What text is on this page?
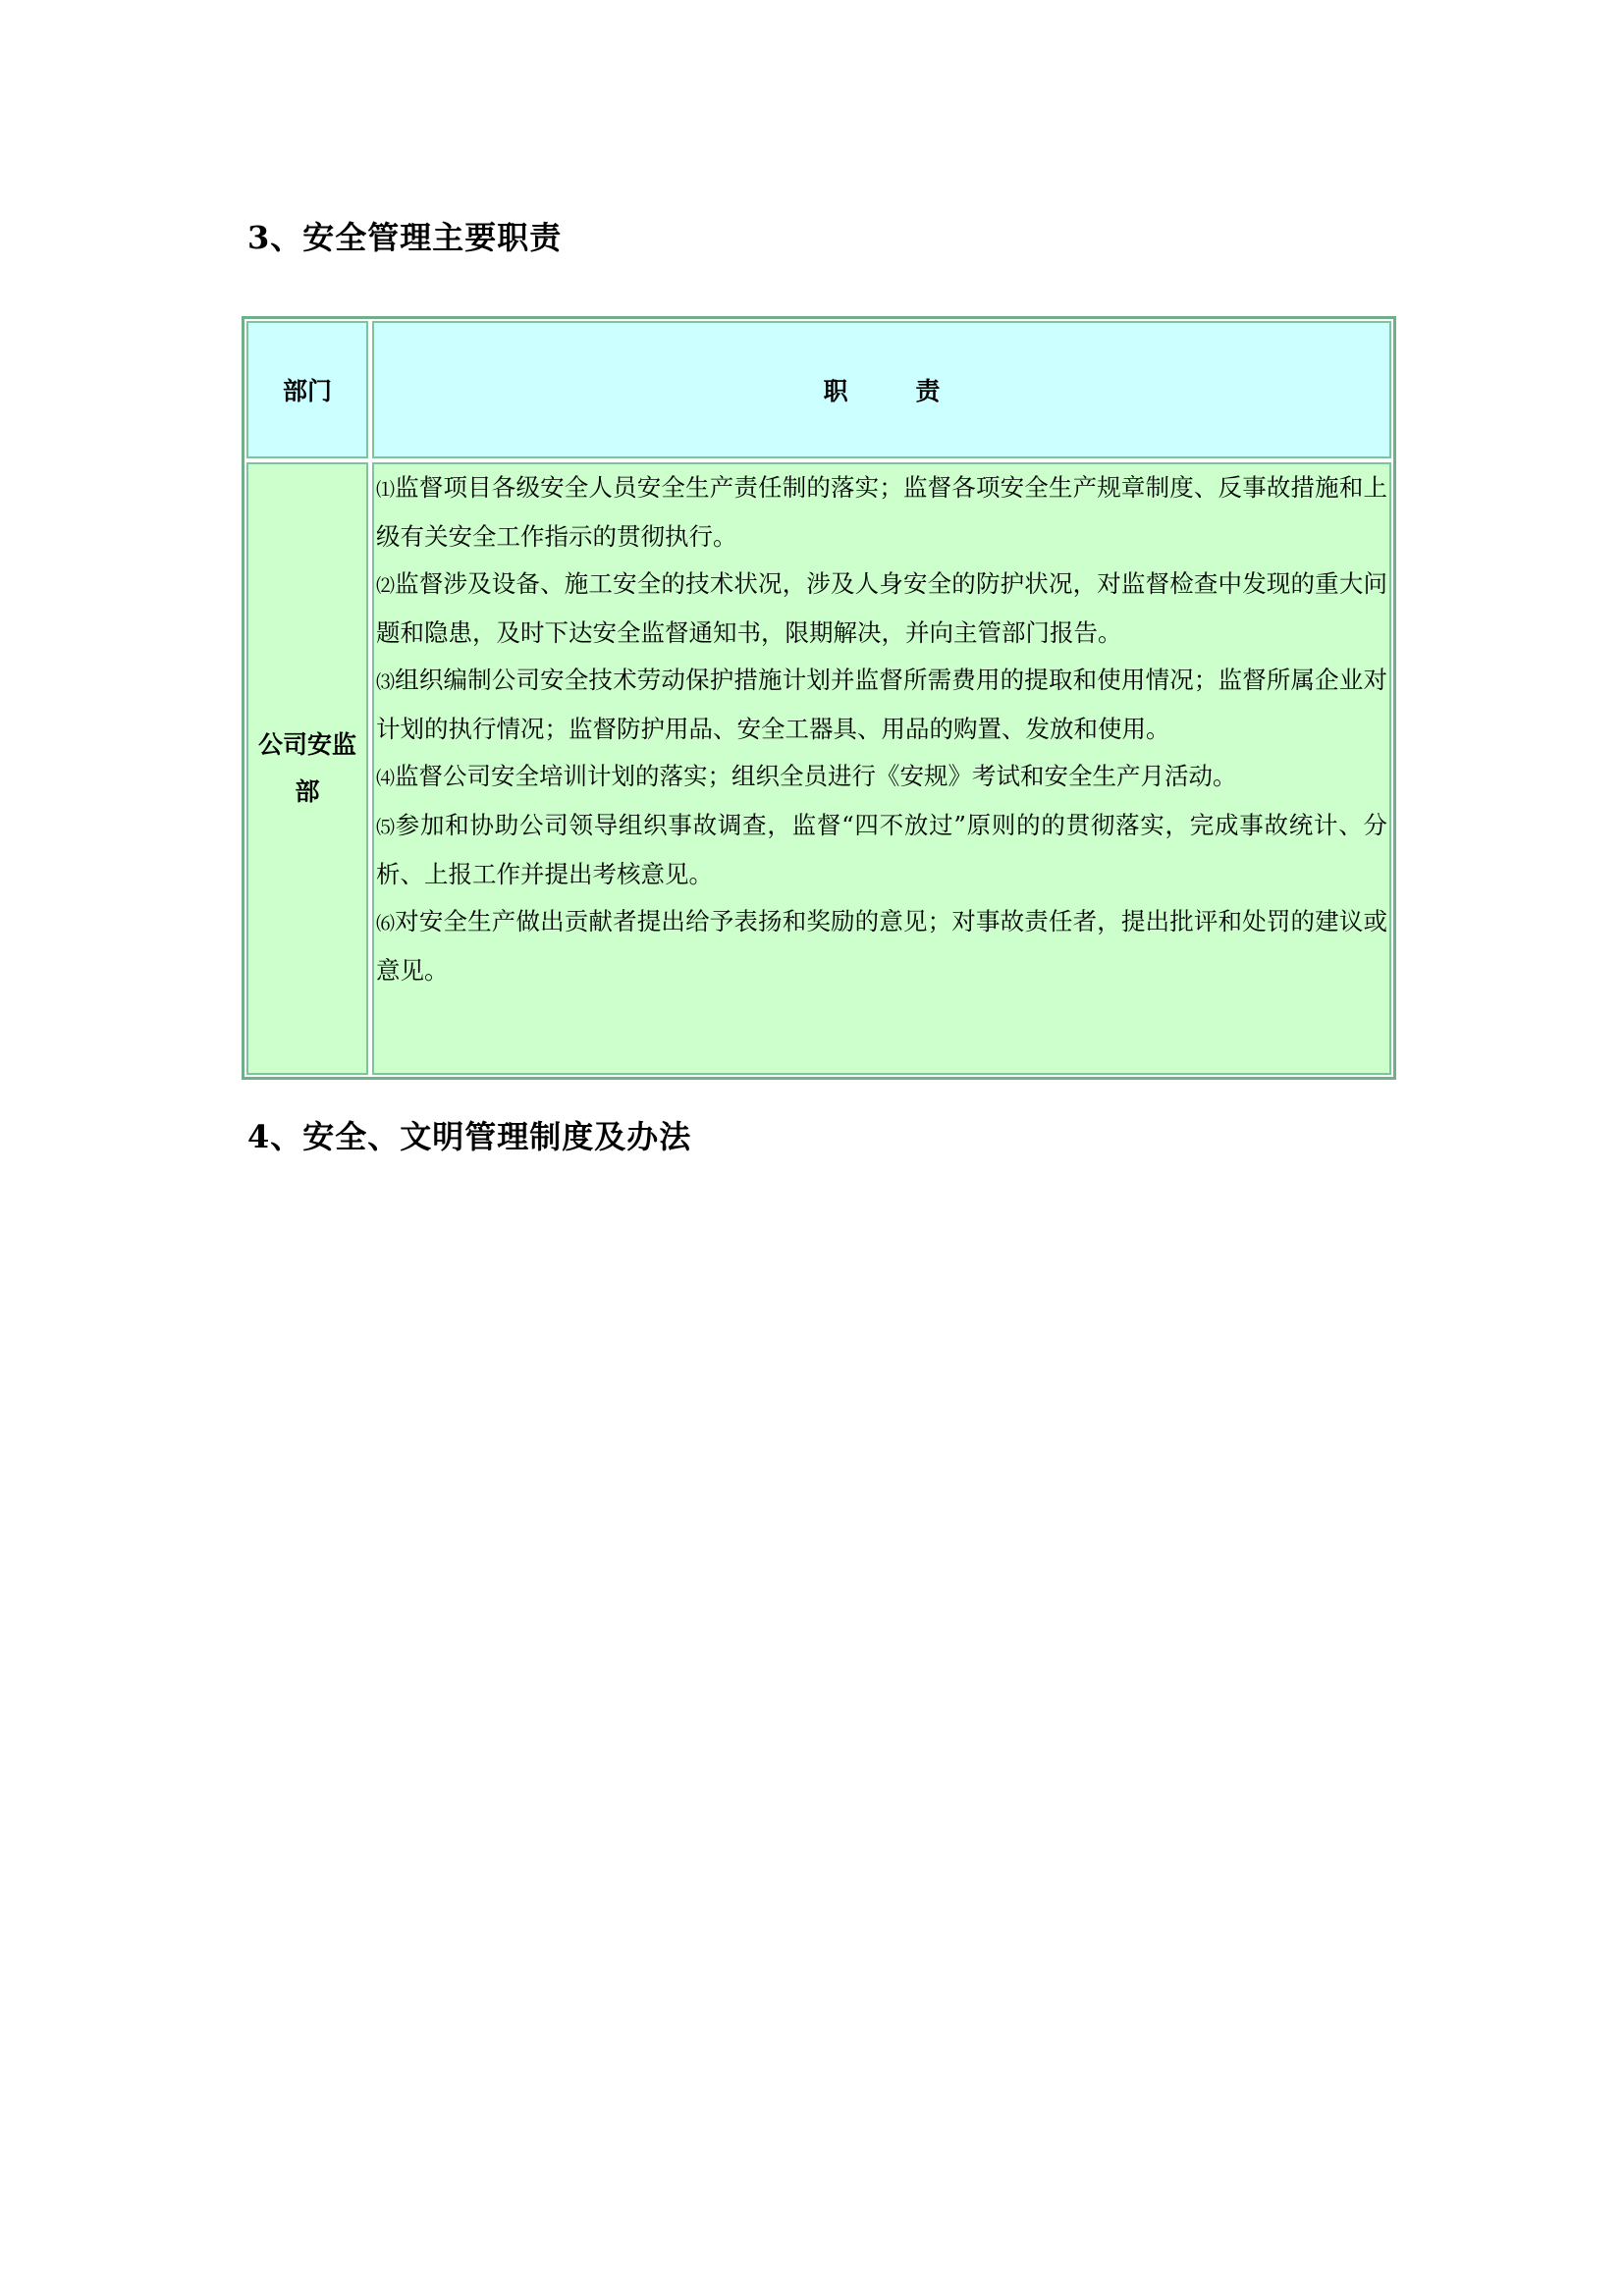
3、安全管理主要职责
部门	职 责
公司安监部
⑴监督项目各级安全人员安全生产责任制的落实；监督各项安全生产规章制度、反事故措施和上级有关安全工作指示的贯彻执行。
⑵监督涉及设备、施工安全的技术状况，涉及人身安全的防护状况，对监督检查中发现的重大问题和隐患，及时下达安全监督通知书，限期解决，并向主管部门报告。
⑶组织编制公司安全技术劳动保护措施计划并监督所需费用的提取和使用情况；监督所属企业对计划的执行情况；监督防护用品、安全工器具、用品的购置、发放和使用。
⑷监督公司安全培训计划的落实；组织全员进行《安规》考试和安全生产月活动。
⑸参加和协助公司领导组织事故调查，监督“四不放过”原则的的贯彻落实，完成事故统计、分析、上报工作并提出考核意见。
⑹对安全生产做出贡献者提出给予表扬和奖励的意见；对事故责任者，提出批评和处罚的建议或意见。
4、安全、文明管理制度及办法
